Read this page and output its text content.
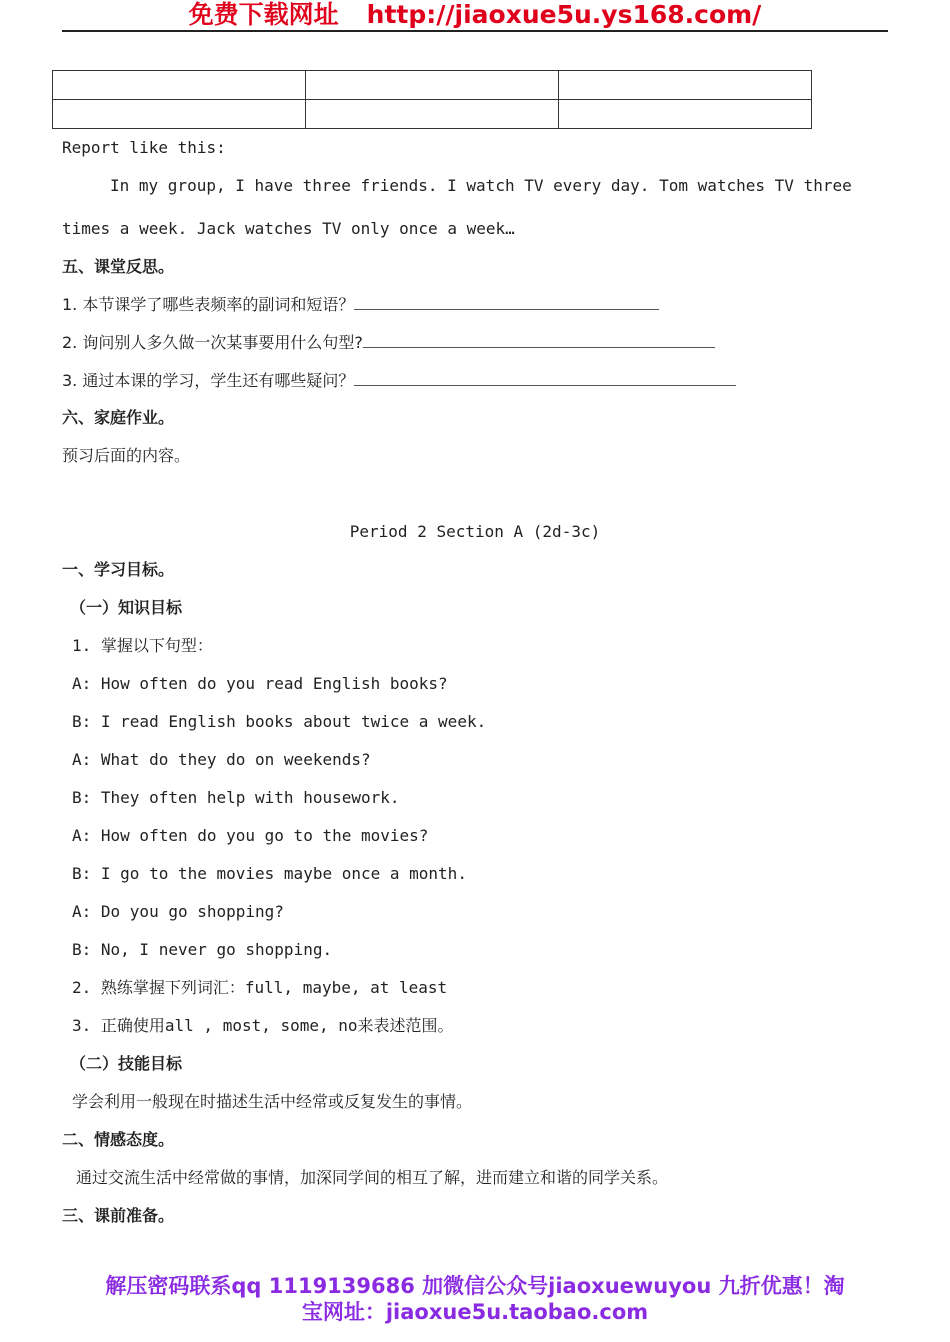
免费下载网址 http://jiaoxue5u.ys168.com/

Report like this:
In my group, I have three friends. I watch TV every day. Tom watches TV three
times a week. Jack watches TV only once a week…
五、课堂反思。
1. 本节课学了哪些表频率的副词和短语？
2. 询问别人多久做一次某事要用什么句型?
3. 通过本课的学习，学生还有哪些疑问？
六、家庭作业。
预习后面的内容。
Period 2 Section A (2d-3c)
一、学习目标。
（一）知识目标
1. 掌握以下句型：
A: How often do you read English books?
B: I read English books about twice a week.
A: What do they do on weekends?
B: They often help with housework.
A: How often do you go to the movies?
B: I go to the movies maybe once a month.
A: Do you go shopping?
B: No, I never go shopping.
2. 熟练掌握下列词汇：full, maybe, at least
3. 正确使用all , most, some, no来表述范围。
（二）技能目标
学会利用一般现在时描述生活中经常或反复发生的事情。
二、情感态度。
通过交流生活中经常做的事情，加深同学间的相互了解，进而建立和谐的同学关系。
三、课前准备。
解压密码联系qq 1119139686 加微信公众号jiaoxuewuyou 九折优惠！淘
宝网址：jiaoxue5u.taobao.com
